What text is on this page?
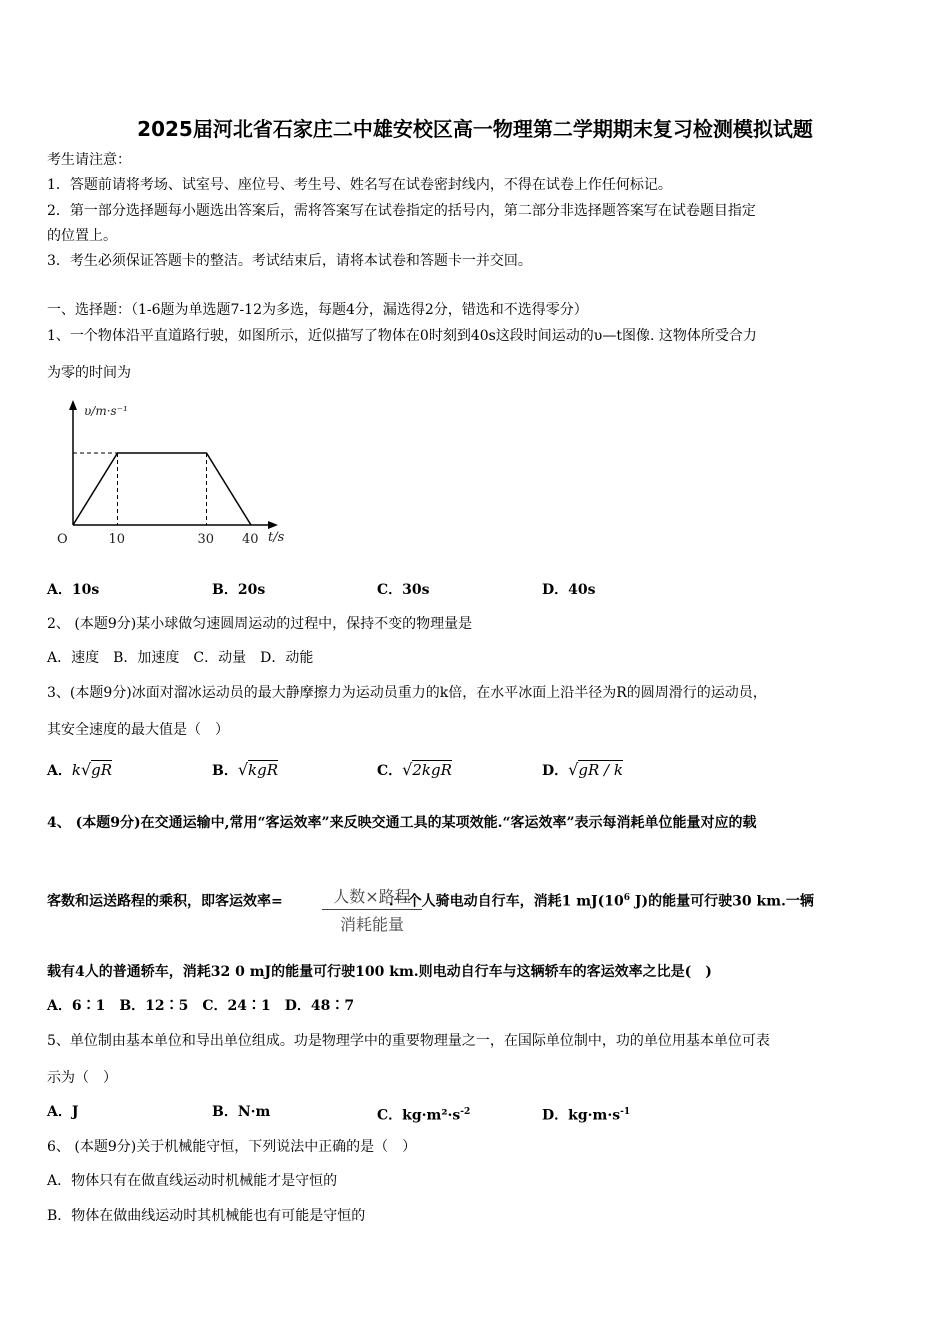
2025届河北省石家庄二中雄安校区高一物理第二学期期末复习检测模拟试题
考生请注意：
1．答题前请将考场、试室号、座位号、考生号、姓名写在试卷密封线内，不得在试卷上作任何标记。
2．第一部分选择题每小题选出答案后，需将答案写在试卷指定的括号内，第二部分非选择题答案写在试卷题目指定
的位置上。
3．考生必须保证答题卡的整洁。考试结束后，请将本试卷和答题卡一并交回。
一、选择题：（1-6题为单选题7-12为多选，每题4分，漏选得2分，错选和不选得零分）
1、一个物体沿平直道路行驶，如图所示，近似描写了物体在0时刻到40s这段时间运动的υ—t图像. 这物体所受合力
为零的时间为
υ/m·s⁻¹
t/s
O	10	30 40
A．10s	B．20s	C．30s	D．40s
2、 (本题9分)某小球做匀速圆周运动的过程中，保持不变的物理量是
A．速度　B．加速度　C．动量　D．动能
3、(本题9分)冰面对溜冰运动员的最大静摩擦力为运动员重力的k倍，在水平冰面上沿半径为R的圆周滑行的运动员，
其安全速度的最大值是（　）
A．k√gR	B．√kgR	C．√2kgR	D．√gR / k
4、 (本题9分)在交通运输中,常用“客运效率”来反映交通工具的某项效能.“客运效率”表示每消耗单位能量对应的载
客数和运送路程的乘积，即客运效率=	.一个人骑电动自行车，消耗1 $mJ(10^6$ J)的能量可行驶30 km.一辆
人数×路程
消耗能量
载有4人的普通轿车，消耗32 0 mJ的能量可行驶100 km.则电动自行车与这辆轿车的客运效率之比是(　)
A．6∶1　B．12∶5　C．24∶1　D．48∶7
5、单位制由基本单位和导出单位组成。功是物理学中的重要物理量之一，在国际单位制中，功的单位用基本单位可表
示为（　）
A．J	B．N·m	C．$kg\cdot m^2\cdot s^{-2}$	D．$kg\cdot m\cdot s^{-1}$
6、 (本题9分)关于机械能守恒，下列说法中正确的是（　）
A．物体只有在做直线运动时机械能才是守恒的
B．物体在做曲线运动时其机械能也有可能是守恒的
